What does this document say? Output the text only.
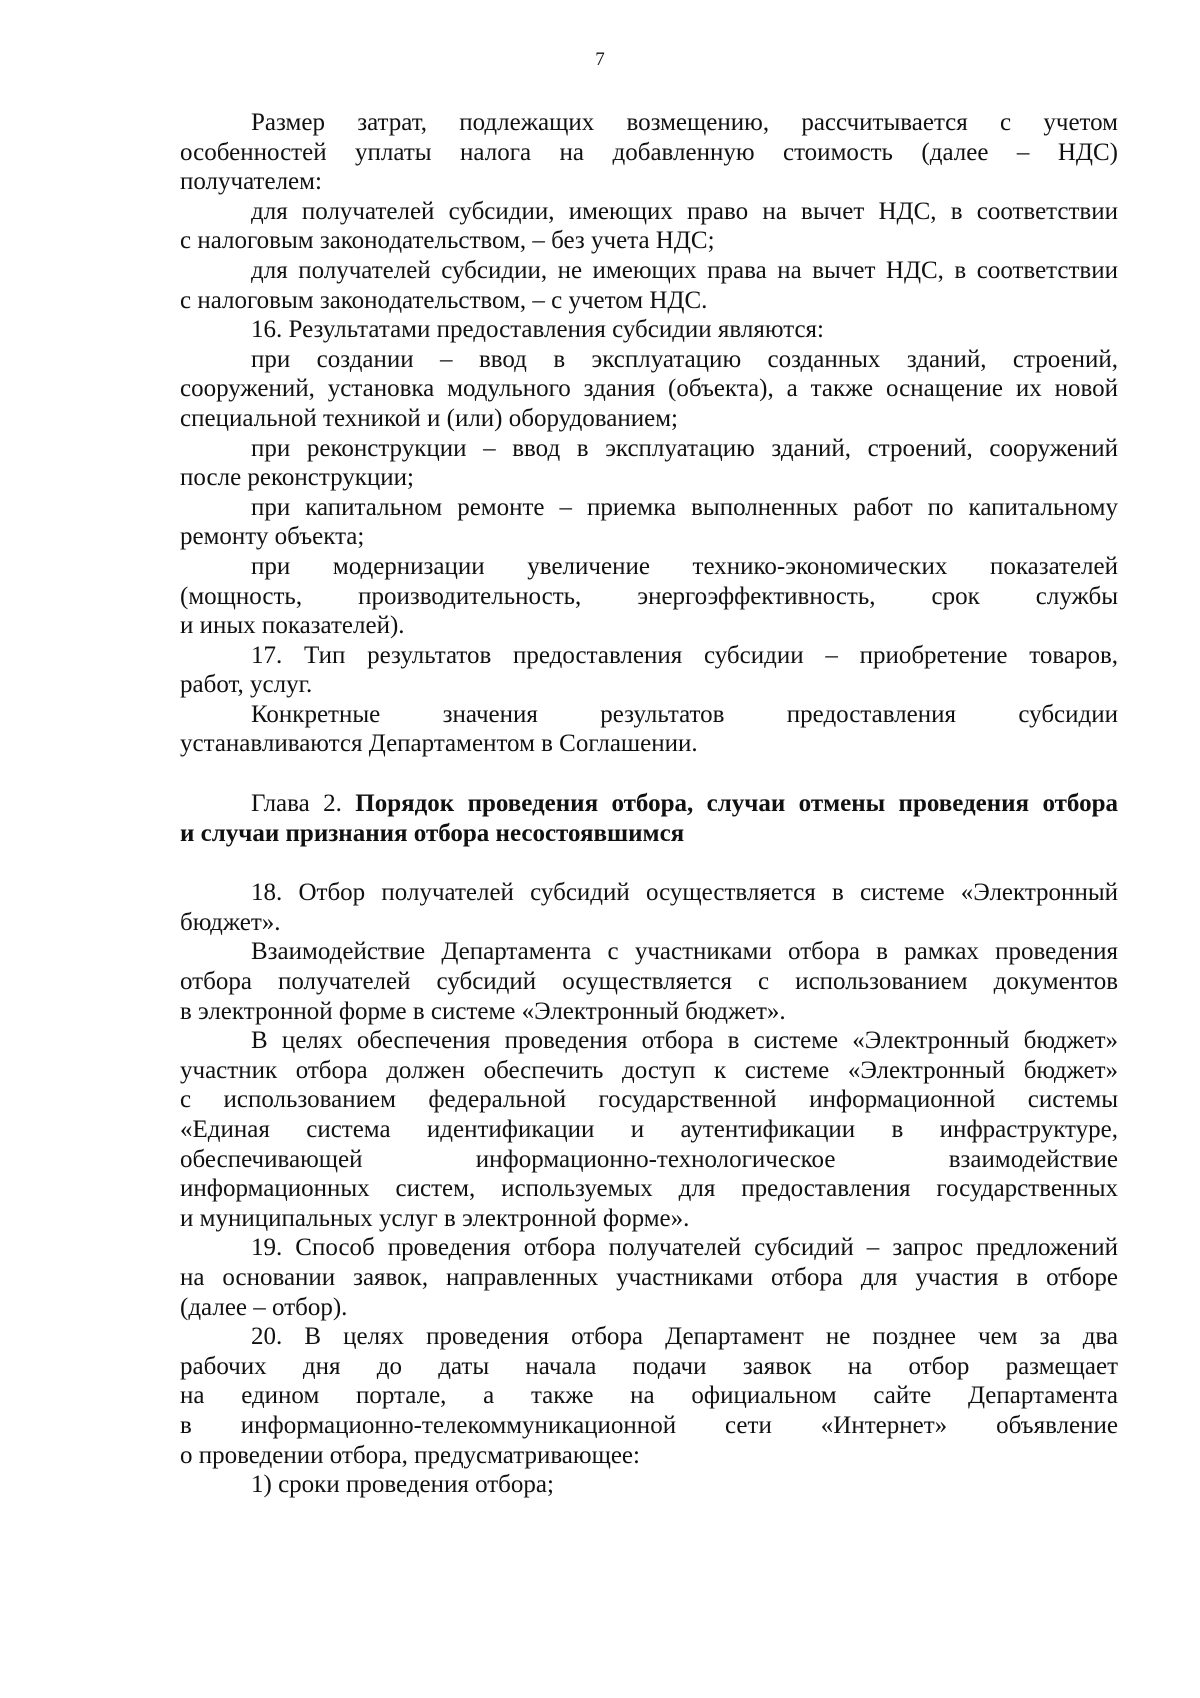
7
Размер затрат, подлежащих возмещению, рассчитывается с учетом
особенностей уплаты налога на добавленную стоимость (далее – НДС)
получателем:
для получателей субсидии, имеющих право на вычет НДС, в соответствии
с налоговым законодательством, – без учета НДС;
для получателей субсидии, не имеющих права на вычет НДС, в соответствии
с налоговым законодательством, – с учетом НДС.
16. Результатами предоставления субсидии являются:
при создании – ввод в эксплуатацию созданных зданий, строений,
сооружений, установка модульного здания (объекта), а также оснащение их новой
специальной техникой и (или) оборудованием;
при реконструкции – ввод в эксплуатацию зданий, строений, сооружений
после реконструкции;
при капитальном ремонте – приемка выполненных работ по капитальному
ремонту объекта;
при модернизации увеличение технико-экономических показателей
(мощность, производительность, энергоэффективность, срок службы
и иных показателей).
17. Тип результатов предоставления субсидии – приобретение товаров,
работ, услуг.
Конкретные значения результатов предоставления субсидии
устанавливаются Департаментом в Соглашении.
Глава 2. Порядок проведения отбора, случаи отмены проведения отбора
и случаи признания отбора несостоявшимся
18. Отбор получателей субсидий осуществляется в системе «Электронный
бюджет».
Взаимодействие Департамента с участниками отбора в рамках проведения
отбора получателей субсидий осуществляется с использованием документов
в электронной форме в системе «Электронный бюджет».
В целях обеспечения проведения отбора в системе «Электронный бюджет»
участник отбора должен обеспечить доступ к системе «Электронный бюджет»
с использованием федеральной государственной информационной системы
«Единая система идентификации и аутентификации в инфраструктуре,
обеспечивающей информационно-технологическое взаимодействие
информационных систем, используемых для предоставления государственных
и муниципальных услуг в электронной форме».
19. Способ проведения отбора получателей субсидий – запрос предложений
на основании заявок, направленных участниками отбора для участия в отборе
(далее – отбор).
20. В целях проведения отбора Департамент не позднее чем за два
рабочих дня до даты начала подачи заявок на отбор размещает
на едином портале, а также на официальном сайте Департамента
в информационно-телекоммуникационной сети «Интернет» объявление
о проведении отбора, предусматривающее:
1) сроки проведения отбора;
